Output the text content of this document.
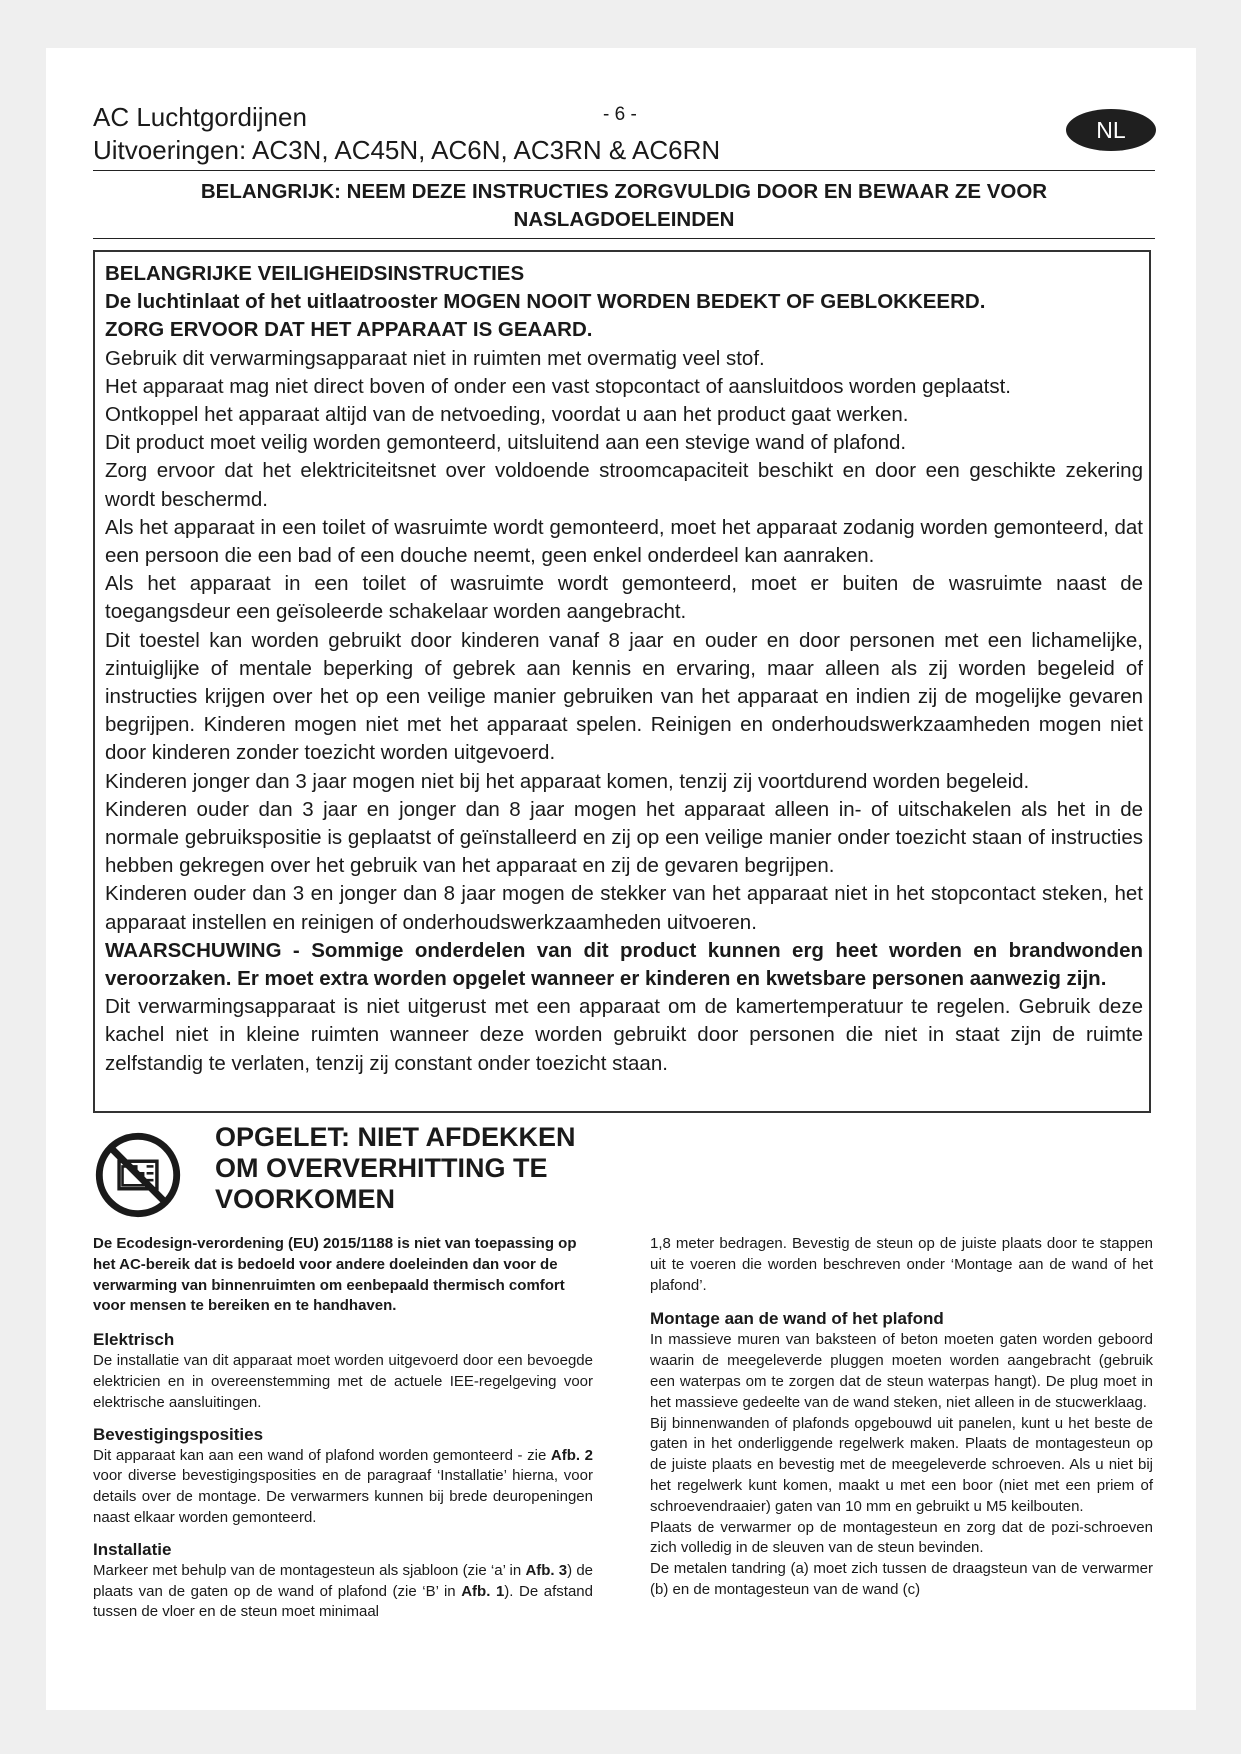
AC Luchtgordijnen
Uitvoeringen: AC3N, AC45N, AC6N, AC3RN & AC6RN
- 6 -
NL
BELANGRIJK: NEEM DEZE INSTRUCTIES ZORGVULDIG DOOR EN BEWAAR ZE VOOR
NASLAGDOELEINDEN

BELANGRIJKE VEILIGHEIDSINSTRUCTIES

De luchtinlaat of het uitlaatrooster MOGEN NOOIT WORDEN BEDEKT OF GEBLOKKEERD.

ZORG ERVOOR DAT HET APPARAAT IS GEAARD.

Gebruik dit verwarmingsapparaat niet in ruimten met overmatig veel stof.

Het apparaat mag niet direct boven of onder een vast stopcontact of aansluitdoos worden geplaatst.

Ontkoppel het apparaat altijd van de netvoeding, voordat u aan het product gaat werken.

Dit product moet veilig worden gemonteerd, uitsluitend aan een stevige wand of plafond.

Zorg ervoor dat het elektriciteitsnet over voldoende stroomcapaciteit beschikt en door een geschikte zekering wordt beschermd.

Als het apparaat in een toilet of wasruimte wordt gemonteerd, moet het apparaat zodanig worden gemonteerd, dat een persoon die een bad of een douche neemt, geen enkel onderdeel kan aanraken.

Als het apparaat in een toilet of wasruimte wordt gemonteerd, moet er buiten de wasruimte naast de toegangsdeur een geïsoleerde schakelaar worden aangebracht.

Dit toestel kan worden gebruikt door kinderen vanaf 8 jaar en ouder en door personen met een lichamelijke, zintuiglijke of mentale beperking of gebrek aan kennis en ervaring, maar alleen als zij worden begeleid of instructies krijgen over het op een veilige manier gebruiken van het apparaat en indien zij de mogelijke gevaren begrijpen. Kinderen mogen niet met het apparaat spelen. Reinigen en onderhoudswerkzaamheden mogen niet door kinderen zonder toezicht worden uitgevoerd.

Kinderen jonger dan 3 jaar mogen niet bij het apparaat komen, tenzij zij voortdurend worden begeleid.

Kinderen ouder dan 3 jaar en jonger dan 8 jaar mogen het apparaat alleen in- of uitschakelen als het in de normale gebruikspositie is geplaatst of geïnstalleerd en zij op een veilige manier onder toezicht staan of instructies hebben gekregen over het gebruik van het apparaat en zij de gevaren begrijpen.

Kinderen ouder dan 3 en jonger dan 8 jaar mogen de stekker van het apparaat niet in het stopcontact steken, het apparaat instellen en reinigen of onderhoudswerkzaamheden uitvoeren.

WAARSCHUWING - Sommige onderdelen van dit product kunnen erg heet worden en brandwonden veroorzaken. Er moet extra worden opgelet wanneer er kinderen en kwetsbare personen aanwezig zijn.

Dit verwarmingsapparaat is niet uitgerust met een apparaat om de kamertemperatuur te regelen. Gebruik deze kachel niet in kleine ruimten wanneer deze worden gebruikt door personen die niet in staat zijn de ruimte zelfstandig te verlaten, tenzij zij constant onder toezicht staan.

OPGELET: NIET AFDEKKEN
OM OVERVERHITTING TE
VOORKOMEN

De Ecodesign-verordening (EU) 2015/1188 is niet van toepassing op het AC-bereik dat is bedoeld voor andere doeleinden dan voor de verwarming van binnenruimten om eenbepaald thermisch comfort voor mensen te bereiken en te handhaven.

Elektrisch

De installatie van dit apparaat moet worden uitgevoerd door een bevoegde elektricien en in overeenstemming met de actuele IEE-regelgeving voor elektrische aansluitingen.

Bevestigingsposities

Dit apparaat kan aan een wand of plafond worden gemonteerd - zie Afb. 2 voor diverse bevestigingsposities en de paragraaf ‘Installatie’ hierna, voor details over de montage. De verwarmers kunnen bij brede deuropeningen naast elkaar worden gemonteerd.

Installatie

Markeer met behulp van de montagesteun als sjabloon (zie ‘a’ in Afb. 3) de plaats van de gaten op de wand of plafond (zie ‘B’ in Afb. 1). De afstand tussen de vloer en de steun moet minimaal

1,8 meter bedragen. Bevestig de steun op de juiste plaats door te stappen uit te voeren die worden beschreven onder ‘Montage aan de wand of het plafond’.

Montage aan de wand of het plafond

In massieve muren van baksteen of beton moeten gaten worden geboord waarin de meegeleverde pluggen moeten worden aangebracht (gebruik een waterpas om te zorgen dat de steun waterpas hangt). De plug moet in het massieve gedeelte van de wand steken, niet alleen in de stucwerklaag.

Bij binnenwanden of plafonds opgebouwd uit panelen, kunt u het beste de gaten in het onderliggende regelwerk maken. Plaats de montagesteun op de juiste plaats en bevestig met de meegeleverde schroeven. Als u niet bij het regelwerk kunt komen, maakt u met een boor (niet met een priem of schroevendraaier) gaten van 10 mm en gebruikt u M5 keilbouten.

Plaats de verwarmer op de montagesteun en zorg dat de pozi-schroeven zich volledig in de sleuven van de steun bevinden.

De metalen tandring (a) moet zich tussen de draagsteun van de verwarmer (b) en de montagesteun van de wand (c)
